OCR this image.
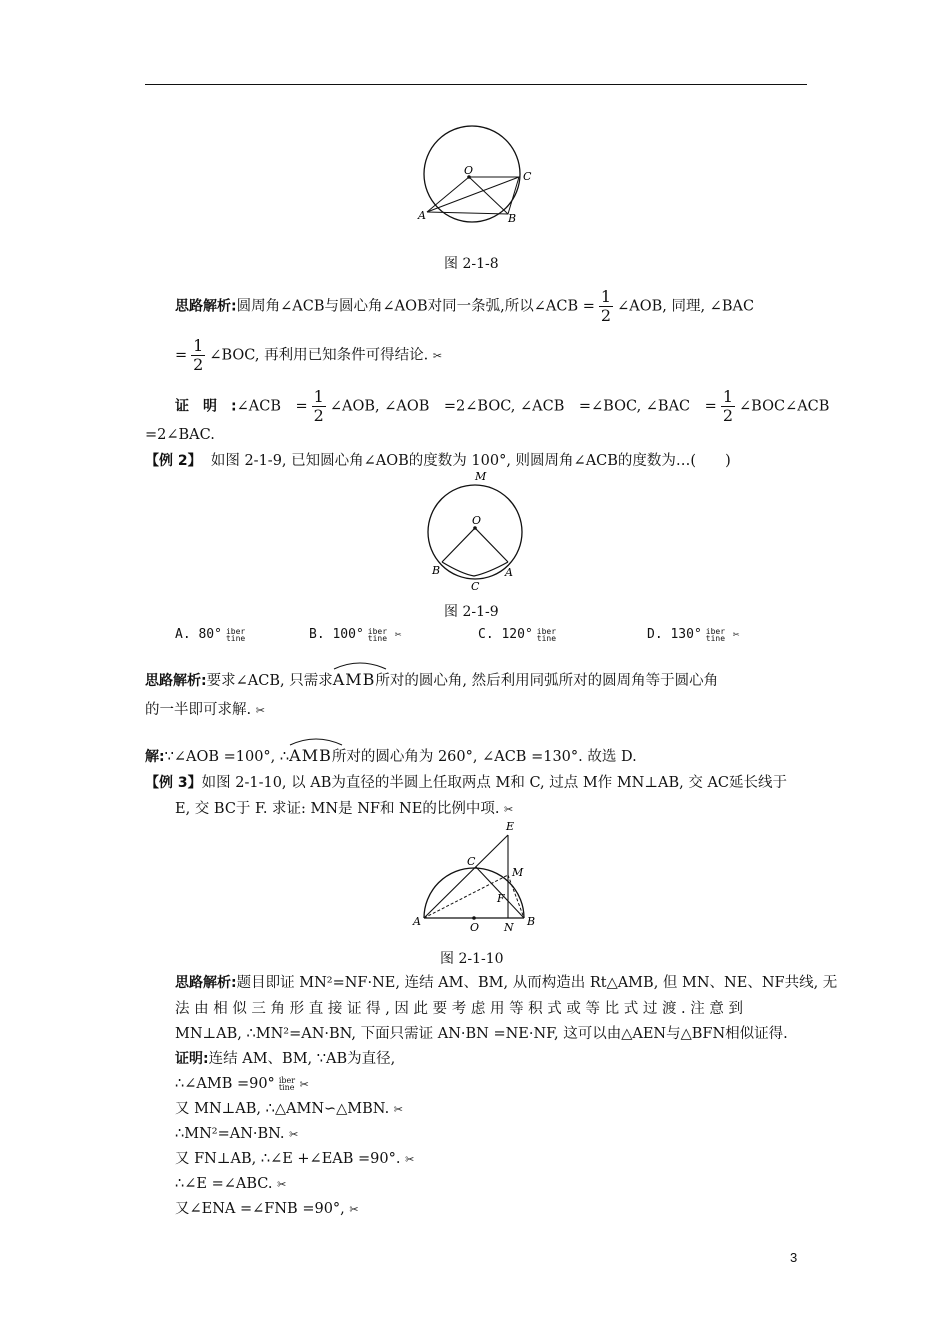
O	C
A	B
图 2-1-8
思路解析:圆周角∠ACB与圆心角∠AOB对同一条弧,所以∠ACB = $\frac{1}{2}$ ∠AOB, 同理, ∠BAC
= $\frac{1}{2}$ ∠BOC, 再利用已知条件可得结论. ✂
证　明　:∠ACB　= $\frac{1}{2}$ ∠AOB, ∠AOB　=2∠BOC, ∠ACB　=∠BOC, ∠BAC　= $\frac{1}{2}$ ∠BOC∠ACB
=2∠BAC.
【例 2】 如图 2-1-9, 已知圆心角∠AOB的度数为 100°, 则圆周角∠ACB的度数为…(　　)
M
O
B	A
C
图 2-1-9
A. 80° iber
tine	B. 100° iber
tine ✂	C. 120° iber
tine	D. 130° iber
tine ✂
思路解析:要求∠ACB, 只需求
AMB所对的圆心角, 然后利用同弧所对的圆周角等于圆心角
的一半即可求解. ✂
解:∵∠AOB =100°, ∴
AMB所对的圆心角为 260°, ∠ACB =130°. 故选 D.
【例 3】如图 2-1-10, 以 AB为直径的半圆上任取两点 M和 C, 过点 M作 MN⊥AB, 交 AC延长线于
E, 交 BC于 F. 求证: MN是 NF和 NE的比例中项. ✂
E
C
M
F
A	O N B
图 2-1-10
思路解析:题目即证 MN²=NF·NE, 连结 AM、BM, 从而构造出 Rt△AMB, 但 MN、NE、NF共线, 无
法 由 相 似 三 角 形 直 接 证 得 , 因 此 要 考 虑 用 等 积 式 或 等 比 式 过 渡 . 注 意 到
MN⊥AB, ∴MN²=AN·BN, 下面只需证 AN·BN =NE·NF, 这可以由△AEN与△BFN相似证得.
证明:连结 AM、BM, ∵AB为直径,
∴∠AMB =90° iber
tine ✂
又 MN⊥AB, ∴△AMN∽△MBN. ✂
∴MN²=AN·BN. ✂
又 FN⊥AB, ∴∠E +∠EAB =90°. ✂
∴∠E =∠ABC. ✂
又∠ENA =∠FNB =90°, ✂
3
